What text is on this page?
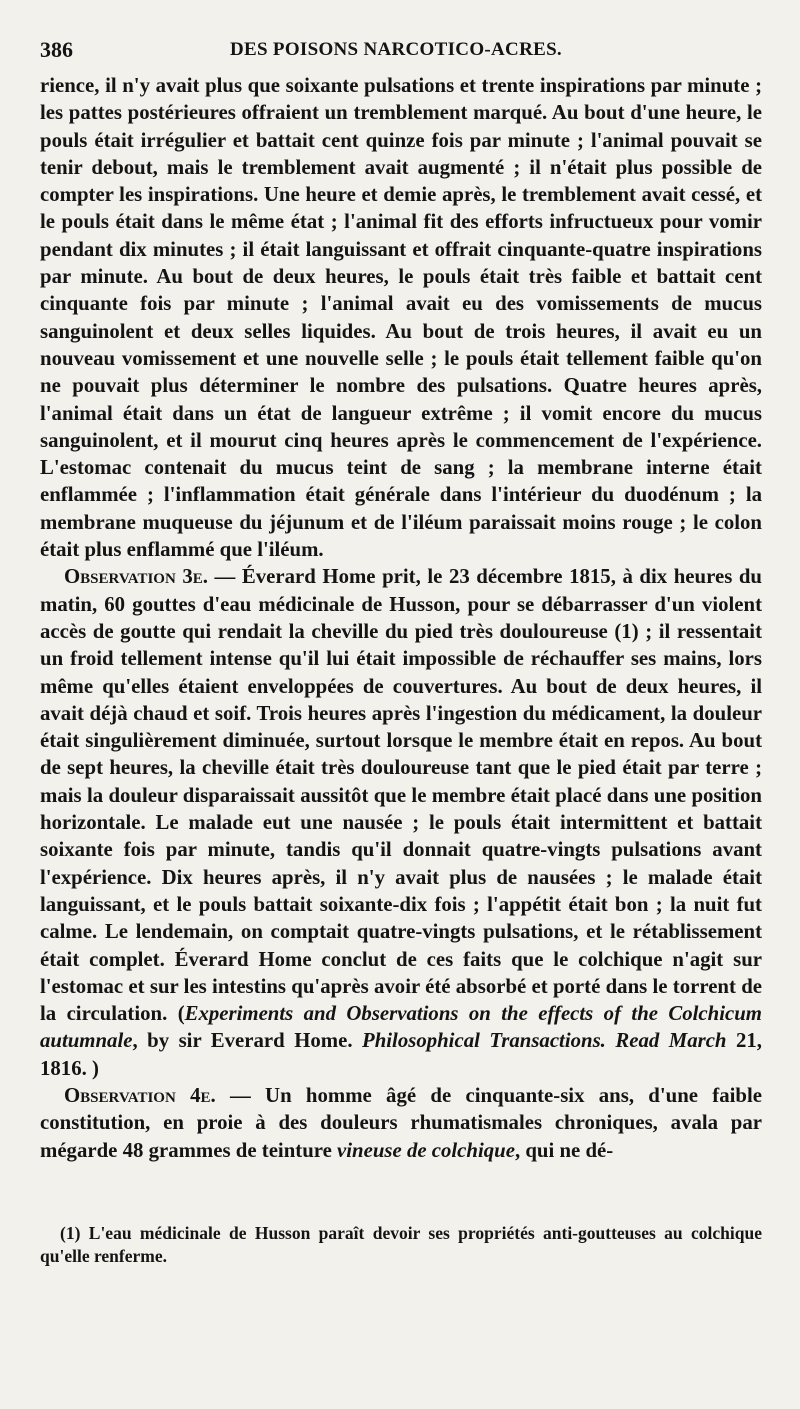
386	DES POISONS NARCOTICO-ACRES.

rience, il n'y avait plus que soixante pulsations et trente inspirations par minute ; les pattes postérieures offraient un tremblement marqué. Au bout d'une heure, le pouls était irrégulier et battait cent quinze fois par minute ; l'animal pouvait se tenir debout, mais le tremblement avait augmenté ; il n'était plus possible de compter les inspirations. Une heure et demie après, le tremblement avait cessé, et le pouls était dans le même état ; l'animal fit des efforts infructueux pour vomir pendant dix minutes ; il était languissant et offrait cinquante-quatre inspirations par minute. Au bout de deux heures, le pouls était très faible et battait cent cinquante fois par minute ; l'animal avait eu des vomissements de mucus sanguinolent et deux selles liquides. Au bout de trois heures, il avait eu un nouveau vomissement et une nouvelle selle ; le pouls était tellement faible qu'on ne pouvait plus déterminer le nombre des pulsations. Quatre heures après, l'animal était dans un état de langueur extrême ; il vomit encore du mucus sanguinolent, et il mourut cinq heures après le commencement de l'expérience. L'estomac contenait du mucus teint de sang ; la membrane interne était enflammée ; l'inflammation était générale dans l'intérieur du duodénum ; la membrane muqueuse du jéjunum et de l'iléum paraissait moins rouge ; le colon était plus enflammé que l'iléum.

Observation 3e. — Éverard Home prit, le 23 décembre 1815, à dix heures du matin, 60 gouttes d'eau médicinale de Husson, pour se débarrasser d'un violent accès de goutte qui rendait la cheville du pied très douloureuse (1) ; il ressentait un froid tellement intense qu'il lui était impossible de réchauffer ses mains, lors même qu'elles étaient enveloppées de couvertures. Au bout de deux heures, il avait déjà chaud et soif. Trois heures après l'ingestion du médicament, la douleur était singulièrement diminuée, surtout lorsque le membre était en repos. Au bout de sept heures, la cheville était très douloureuse tant que le pied était par terre ; mais la douleur disparaissait aussitôt que le membre était placé dans une position horizontale. Le malade eut une nausée ; le pouls était intermittent et battait soixante fois par minute, tandis qu'il donnait quatre-vingts pulsations avant l'expérience. Dix heures après, il n'y avait plus de nausées ; le malade était languissant, et le pouls battait soixante-dix fois ; l'appétit était bon ; la nuit fut calme. Le lendemain, on comptait quatre-vingts pulsations, et le rétablissement était complet. Éverard Home conclut de ces faits que le colchique n'agit sur l'estomac et sur les intestins qu'après avoir été absorbé et porté dans le torrent de la circulation. (Experiments and Observations on the effects of the Colchicum autumnale, by sir Everard Home. Philosophical Transactions. Read March 21, 1816. )

Observation 4e. — Un homme âgé de cinquante-six ans, d'une faible constitution, en proie à des douleurs rhumatismales chroniques, avala par mégarde 48 grammes de teinture vineuse de colchique, qui ne dé-

(1) L'eau médicinale de Husson paraît devoir ses propriétés anti-goutteuses au colchique qu'elle renferme.
